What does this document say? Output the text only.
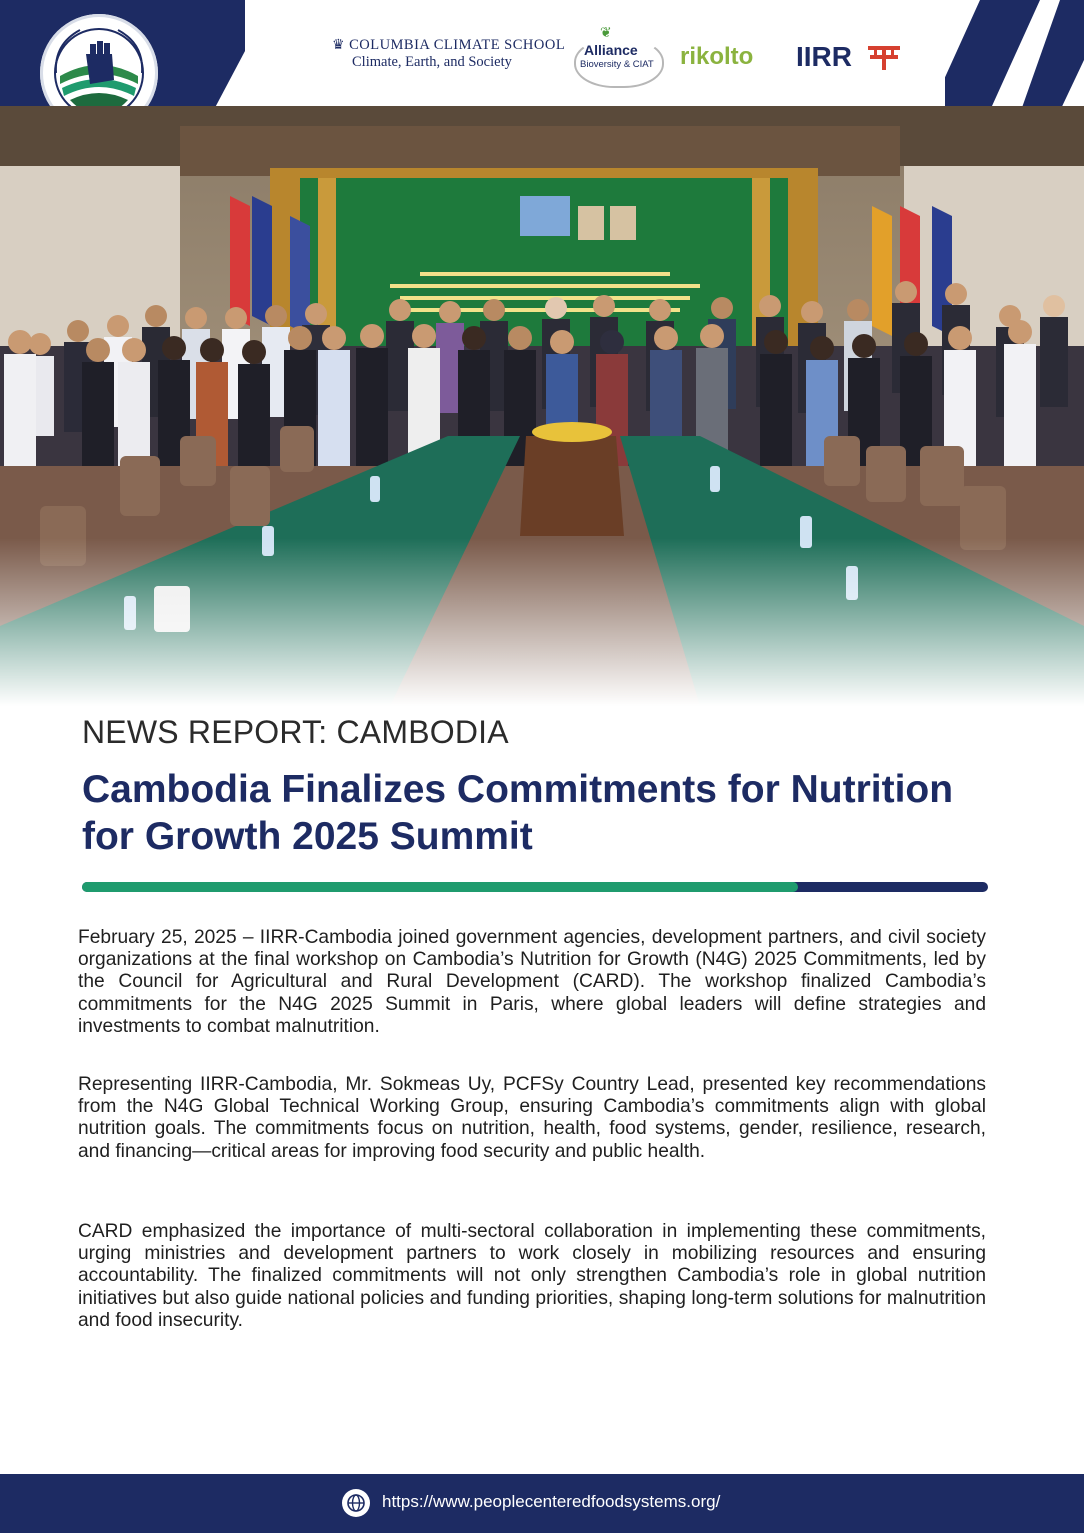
♛ COLUMBIA CLIMATE SCHOOL
Climate, Earth, and Society
❦
Alliance
Bioversity & CIAT rikolto IIRR
NEWS REPORT: CAMBODIA
Cambodia Finalizes Commitments for Nutrition for Growth 2025 Summit
February 25, 2025 – IIRR-Cambodia joined government agencies, development partners, and civil society organizations at the final workshop on Cambodia’s Nutrition for Growth (N4G) 2025 Commitments, led by the Council for Agricultural and Rural Development (CARD). The workshop finalized Cambodia’s commitments for the N4G 2025 Summit in Paris, where global leaders will define strategies and investments to combat malnutrition.
Representing IIRR-Cambodia, Mr. Sokmeas Uy, PCFSy Country Lead, presented key recommendations from the N4G Global Technical Working Group, ensuring Cambodia’s commitments align with global nutrition goals. The commitments focus on nutrition, health, food systems, gender, resilience, research, and financing—critical areas for improving food security and public health.
CARD emphasized the importance of multi-sectoral collaboration in implementing these commitments, urging ministries and development partners to work closely in mobilizing resources and ensuring accountability. The finalized commitments will not only strengthen Cambodia’s role in global nutrition initiatives but also guide national policies and funding priorities, shaping long-term solutions for malnutrition and food insecurity.
https://www.peoplecenteredfoodsystems.org/
